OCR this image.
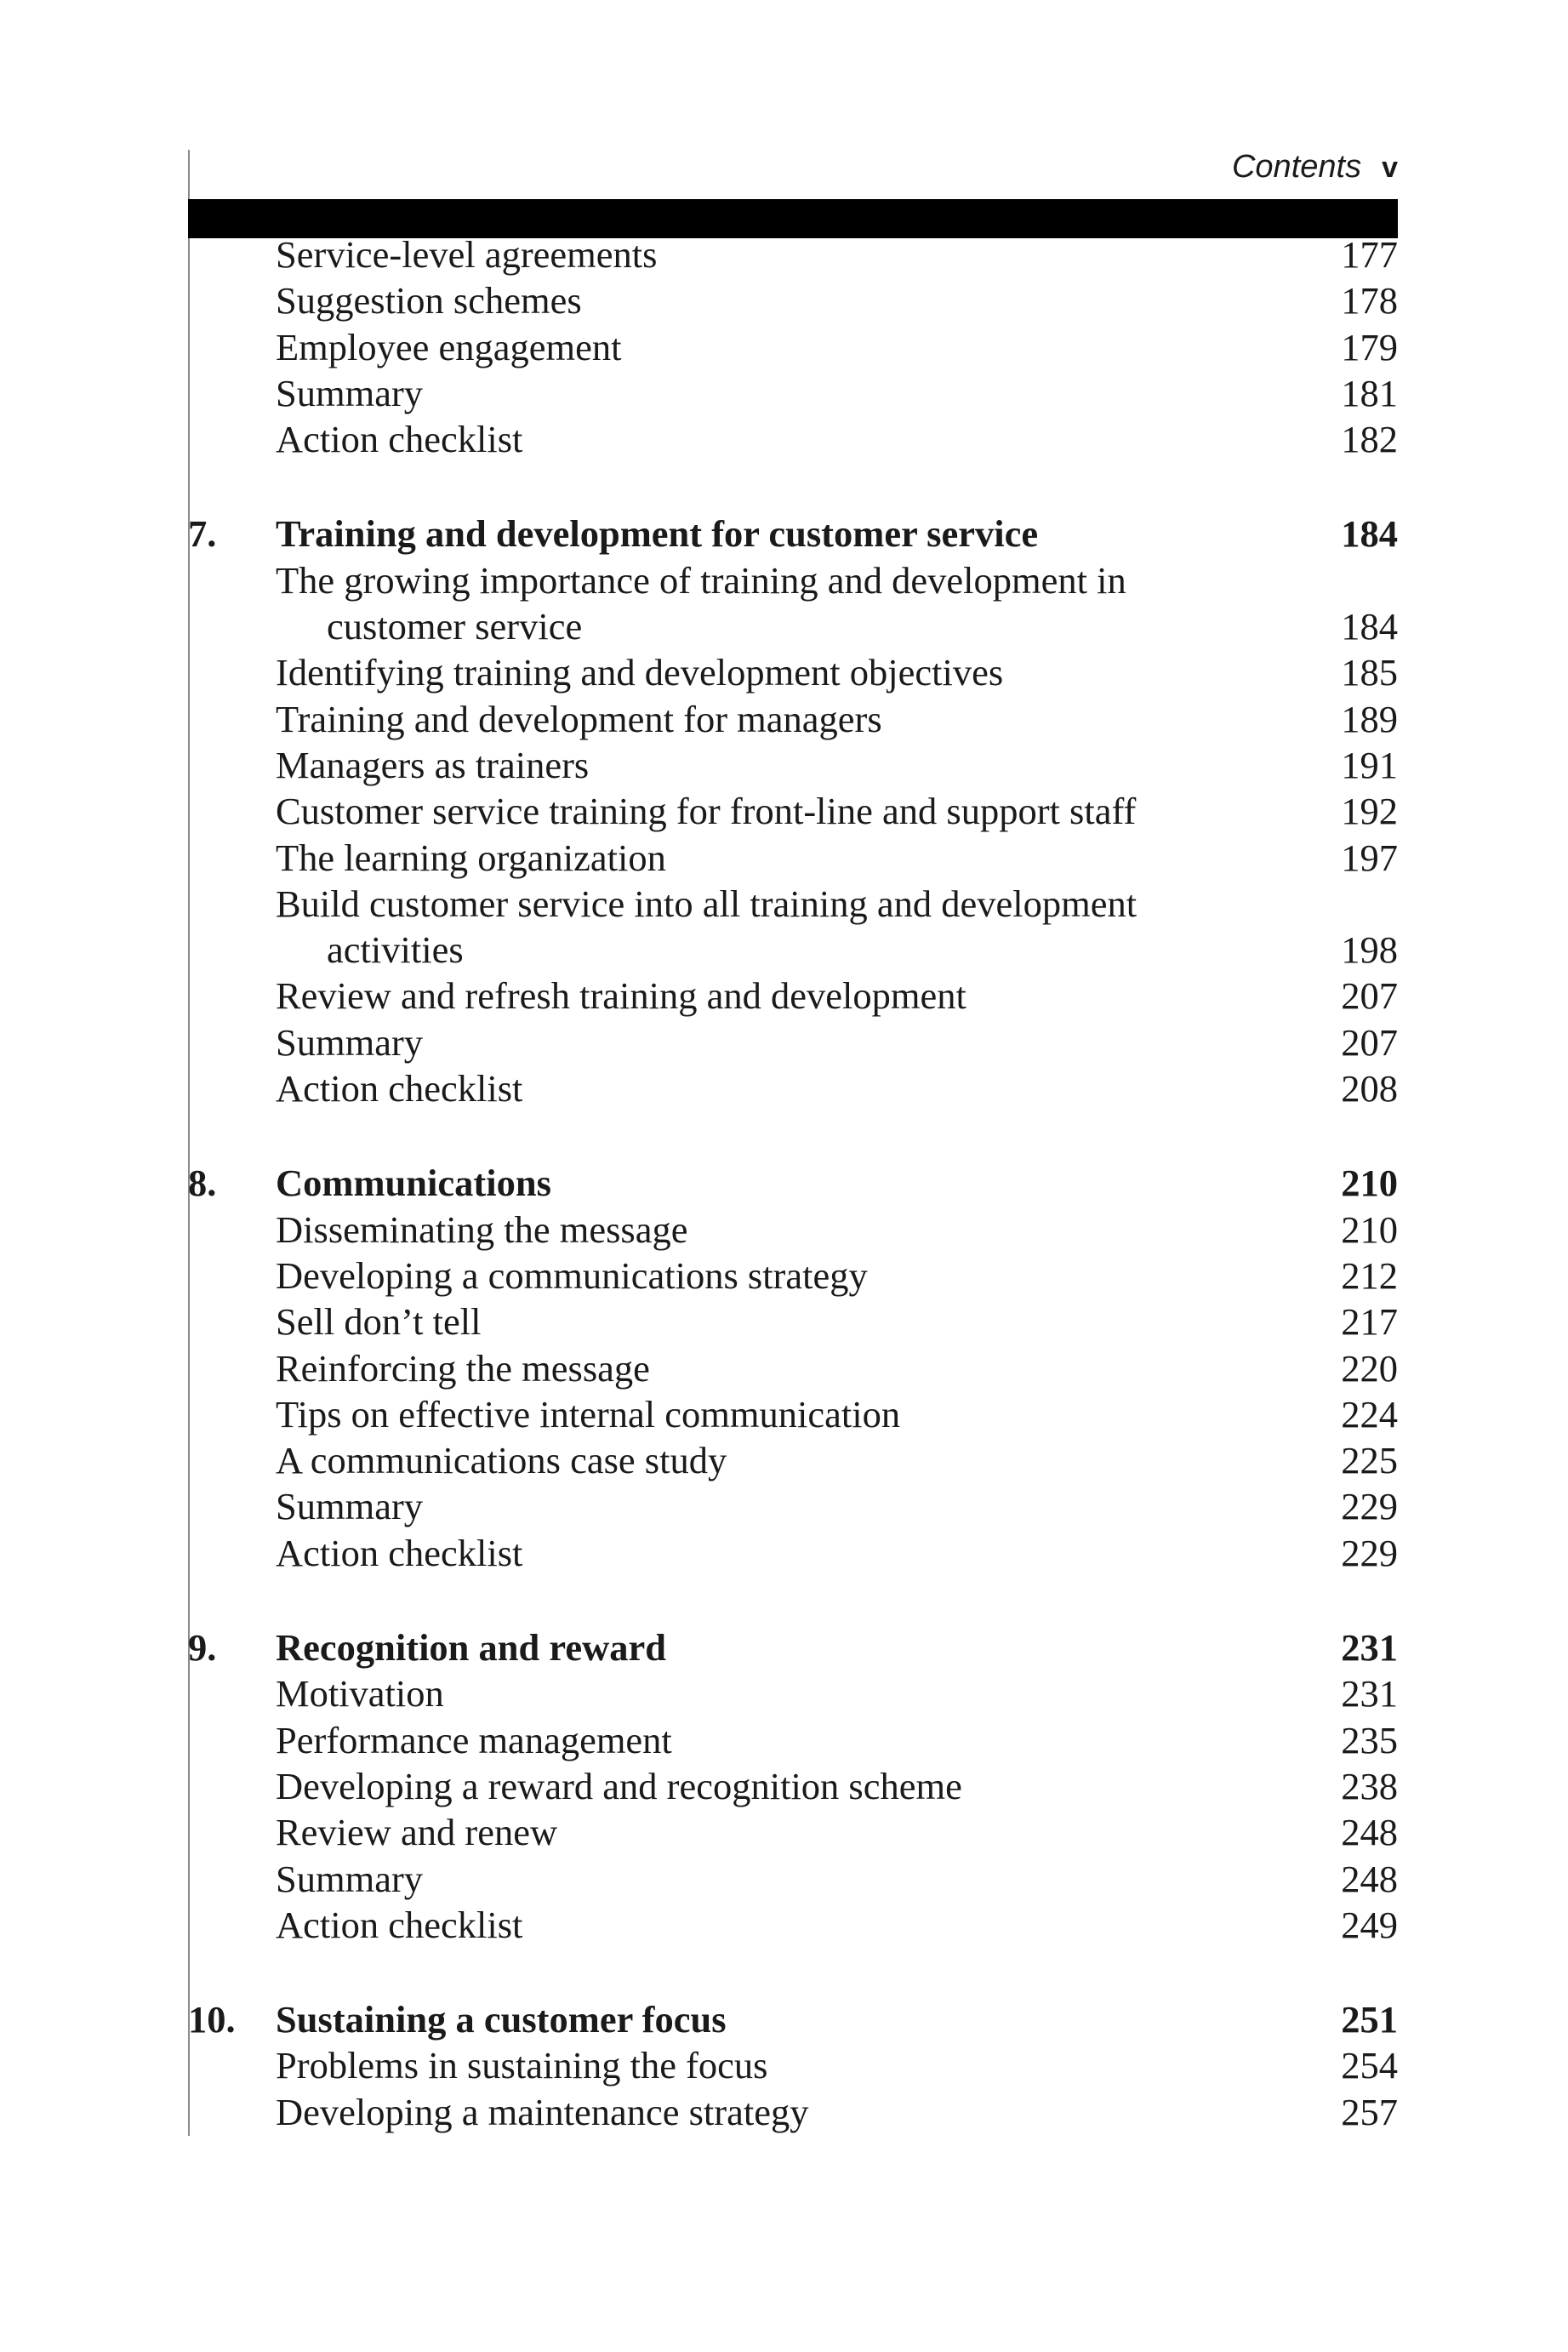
Contents v
Service-level agreements	177
Suggestion schemes	178
Employee engagement	179
Summary	181
Action checklist	182
7.	Training and development for customer service	184
The growing importance of training and development in
customer service	184
Identifying training and development objectives	185
Training and development for managers	189
Managers as trainers	191
Customer service training for front-line and support staff	192
The learning organization	197
Build customer service into all training and development
activities	198
Review and refresh training and development	207
Summary	207
Action checklist	208
8.	Communications	210
Disseminating the message	210
Developing a communications strategy	212
Sell don’t tell	217
Reinforcing the message	220
Tips on effective internal communication	224
A communications case study	225
Summary	229
Action checklist	229
9.	Recognition and reward	231
Motivation	231
Performance management	235
Developing a reward and recognition scheme	238
Review and renew	248
Summary	248
Action checklist	249
10.	Sustaining a customer focus	251
Problems in sustaining the focus	254
Developing a maintenance strategy	257
